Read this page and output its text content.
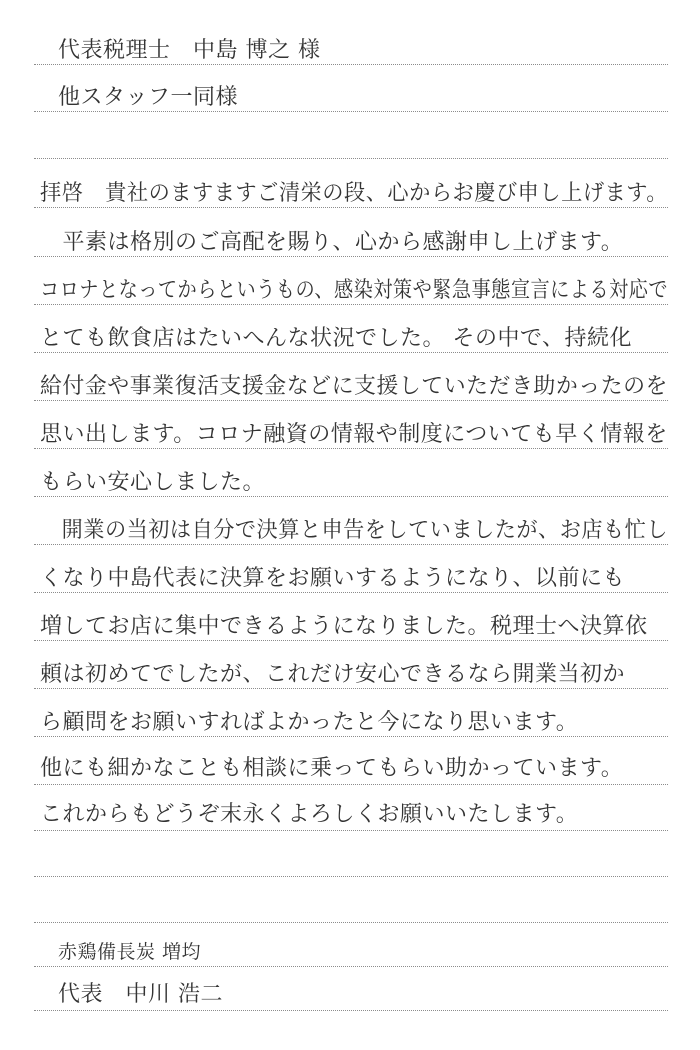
代表税理士　中島 博之 様
他スタッフ一同様
拝啓　貴社のますますご清栄の段、心からお慶び申し上げます。
　平素は格別のご高配を賜り、心から感謝申し上げます。
コロナとなってからというもの、感染対策や緊急事態宣言による対応で
とても飲食店はたいへんな状況でした。 その中で、持続化
給付金や事業復活支援金などに支援していただき助かったのを
思い出します。コロナ融資の情報や制度についても早く情報を
もらい安心しました。
　開業の当初は自分で決算と申告をしていましたが、お店も忙し
くなり中島代表に決算をお願いするようになり、以前にも
増してお店に集中できるようになりました。税理士へ決算依
頼は初めてでしたが、これだけ安心できるなら開業当初か
ら顧問をお願いすればよかったと今になり思います。
他にも細かなことも相談に乗ってもらい助かっています。
これからもどうぞ末永くよろしくお願いいたします。
赤鶏備長炭 増均
代表　中川 浩二
